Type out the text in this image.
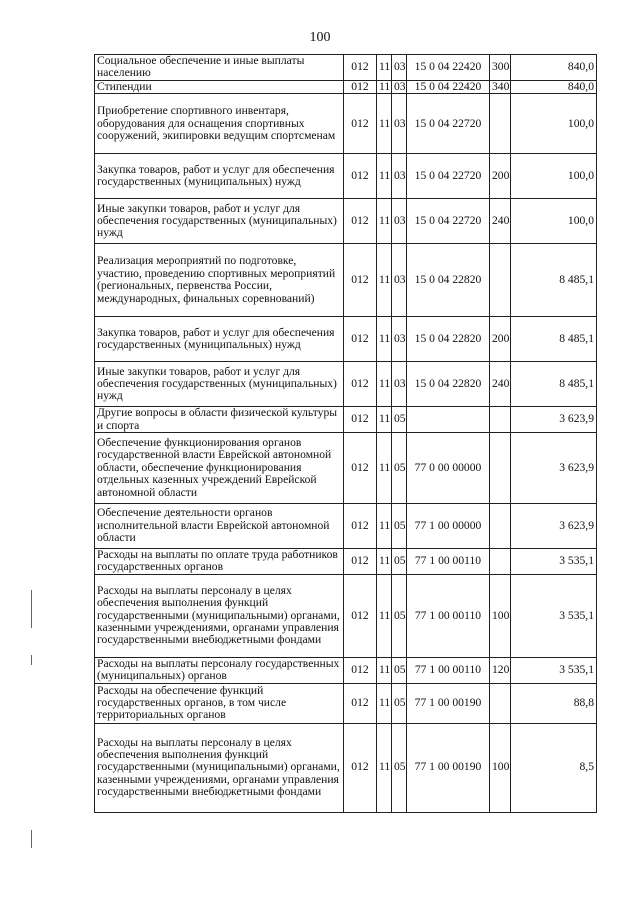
100
Социальное обеспечение и иные выплаты населению	012	11	03	15 0 04 22420	300	840,0
Стипендии	012	11	03	15 0 04 22420	340	840,0
Приобретение спортивного инвентаря, оборудования для оснащения спортивных сооружений, экипировки ведущим спортсменам	012	11	03	15 0 04 22720		100,0
Закупка товаров, работ и услуг для обеспечения государственных (муниципальных) нужд	012	11	03	15 0 04 22720	200	100,0
Иные закупки товаров, работ и услуг для обеспечения государственных (муниципальных) нужд	012	11	03	15 0 04 22720	240	100,0
Реализация мероприятий по подготовке, участию, проведению спортивных мероприятий (региональных, первенства России, международных, финальных соревнований)	012	11	03	15 0 04 22820		8 485,1
Закупка товаров, работ и услуг для обеспечения государственных (муниципальных) нужд	012	11	03	15 0 04 22820	200	8 485,1
Иные закупки товаров, работ и услуг для обеспечения государственных (муниципальных) нужд	012	11	03	15 0 04 22820	240	8 485,1
Другие вопросы в области физической культуры и спорта	012	11	05			3 623,9
Обеспечение функционирования органов государственной власти Еврейской автономной области, обеспечение функционирования отдельных казенных учреждений Еврейской автономной области	012	11	05	77 0 00 00000		3 623,9
Обеспечение деятельности органов исполнительной власти Еврейской автономной области	012	11	05	77 1 00 00000		3 623,9
Расходы на выплаты по оплате труда работников государственных органов	012	11	05	77 1 00 00110		3 535,1
Расходы на выплаты персоналу в целях обеспечения выполнения функций государственными (муниципальными) органами, казенными учреждениями, органами управления государственными внебюджетными фондами	012	11	05	77 1 00 00110	100	3 535,1
Расходы на выплаты персоналу государственных (муниципальных) органов	012	11	05	77 1 00 00110	120	3 535,1
Расходы на обеспечение функций государственных органов, в том числе территориальных органов	012	11	05	77 1 00 00190		88,8
Расходы на выплаты персоналу в целях обеспечения выполнения функций государственными (муниципальными) органами, казенными учреждениями, органами управления государственными внебюджетными фондами	012	11	05	77 1 00 00190	100	8,5
